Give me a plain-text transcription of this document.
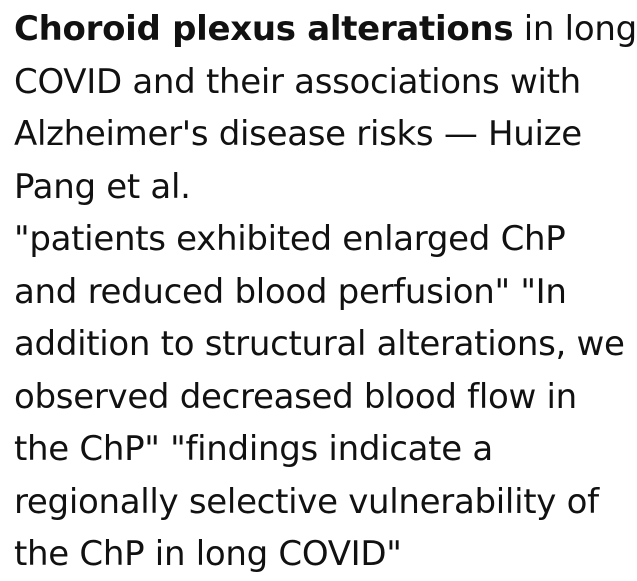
Choroid plexus alterations in long
COVID and their associations with
Alzheimer's disease risks — Huize
Pang et al.
"patients exhibited enlarged ChP
and reduced blood perfusion" "In
addition to structural alterations, we
observed decreased blood flow in
the ChP" "findings indicate a
regionally selective vulnerability of
the ChP in long COVID"
